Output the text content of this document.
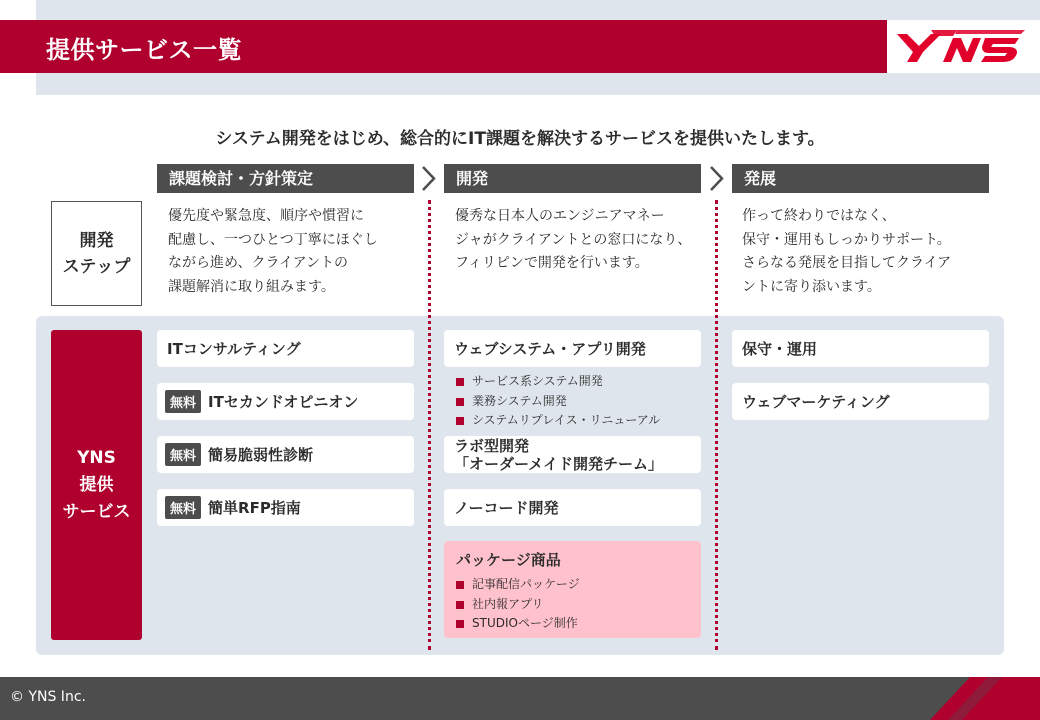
提供サービス一覧
システム開発をはじめ、総合的にIT課題を解決するサービスを提供いたします。
課題検討・方針策定	開発	発展
開発
ステップ
優先度や緊急度、順序や慣習に
配慮し、一つひとつ丁寧にほぐし
ながら進め、クライアントの
課題解消に取り組みます。
優秀な日本人のエンジニアマネー
ジャがクライアントとの窓口になり、
フィリピンで開発を行います。
作って終わりではなく、
保守・運用もしっかりサポート。
さらなる発展を目指してクライア
ントに寄り添います。
YNS
提供
サービス
ITコンサルティング
無料 ITセカンドオピニオン
無料 簡易脆弱性診断
無料 簡単RFP指南
ウェブシステム・アプリ開発
サービス系システム開発
業務システム開発
システムリプレイス・リニューアル
ラボ型開発
「オーダーメイド開発チーム」
ノーコード開発
パッケージ商品
記事配信パッケージ
社内報アプリ
STUDIOページ制作
保守・運用
ウェブマーケティング
© YNS Inc.
